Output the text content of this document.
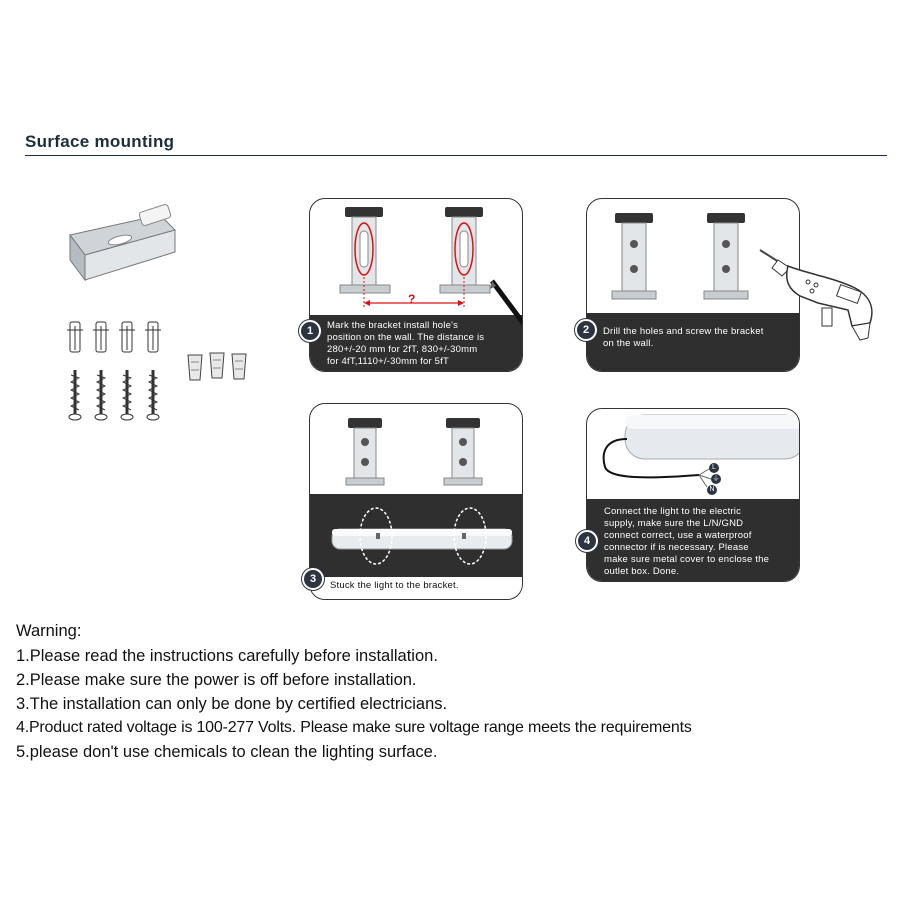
Surface mounting
?
Mark the bracket install hole's
position on the wall. The distance is
280+/-20 mm for 2fT, 830+/-30mm
for 4fT,1110+/-30mm for 5fT
1	Drill the holes and screw the bracket
on the wall.
2
Stuck the light to the bracket.
3
L
⏚
N
Connect the light to the electric
supply, make sure the L/N/GND
connect correct, use a waterproof
connector if is necessary. Please
make sure metal cover to enclose the
outlet box. Done.
4
Warning:
1.Please read the instructions carefully before installation.
2.Please make sure the power is off before installation.
3.The installation can only be done by certified electricians.
4.Product rated voltage is 100-277 Volts. Please make sure voltage range meets the requirements
5.please don't use chemicals to clean the lighting surface.
